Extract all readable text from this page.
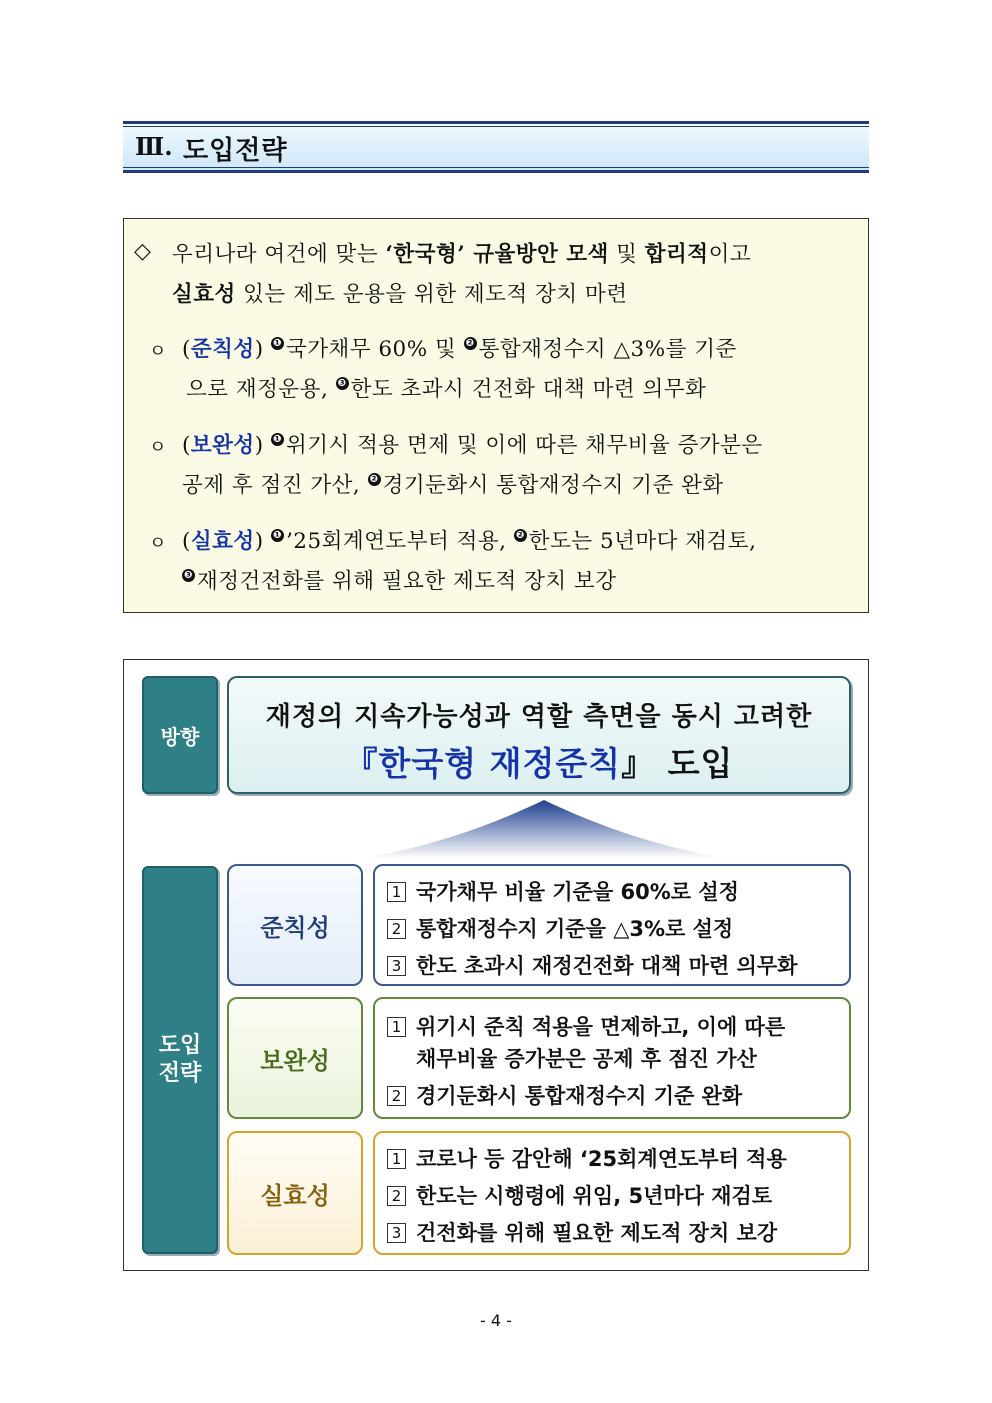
Ⅲ. 도입전략
◇ 우리나라 여건에 맞는 ‘한국형’ 규율방안 모색 및 합리적이고
실효성 있는 제도 운용을 위한 제도적 장치 마련
ㅇ (준칙성) ❶ 국가채무 60% 및 ❷ 통합재정수지 △3%를 기준
으로 재정운용, ❸ 한도 초과시 건전화 대책 마련 의무화
ㅇ (보완성) ❶ 위기시 적용 면제 및 이에 따른 채무비율 증가분은
공제 후 점진 가산, ❷ 경기둔화시 통합재정수지 기준 완화
ㅇ (실효성) ❶ ’25회계연도부터 적용, ❷ 한도는 5년마다 재검토,
❸ 재정건전화를 위해 필요한 제도적 장치 보강
방향
재정의 지속가능성과 역할 측면을 동시 고려한
『한국형 재정준칙』 도입
도입
전략
준칙성
1 국가채무 비율 기준을 60%로 설정
2 통합재정수지 기준을 △3%로 설정
3 한도 초과시 재정건전화 대책 마련 의무화
보완성
1 위기시 준칙 적용을 면제하고, 이에 따른
채무비율 증가분은 공제 후 점진 가산
2 경기둔화시 통합재정수지 기준 완화
실효성
1 코로나 등 감안해 ‘25회계연도부터 적용
2 한도는 시행령에 위임, 5년마다 재검토
3 건전화를 위해 필요한 제도적 장치 보강
- 4 -
